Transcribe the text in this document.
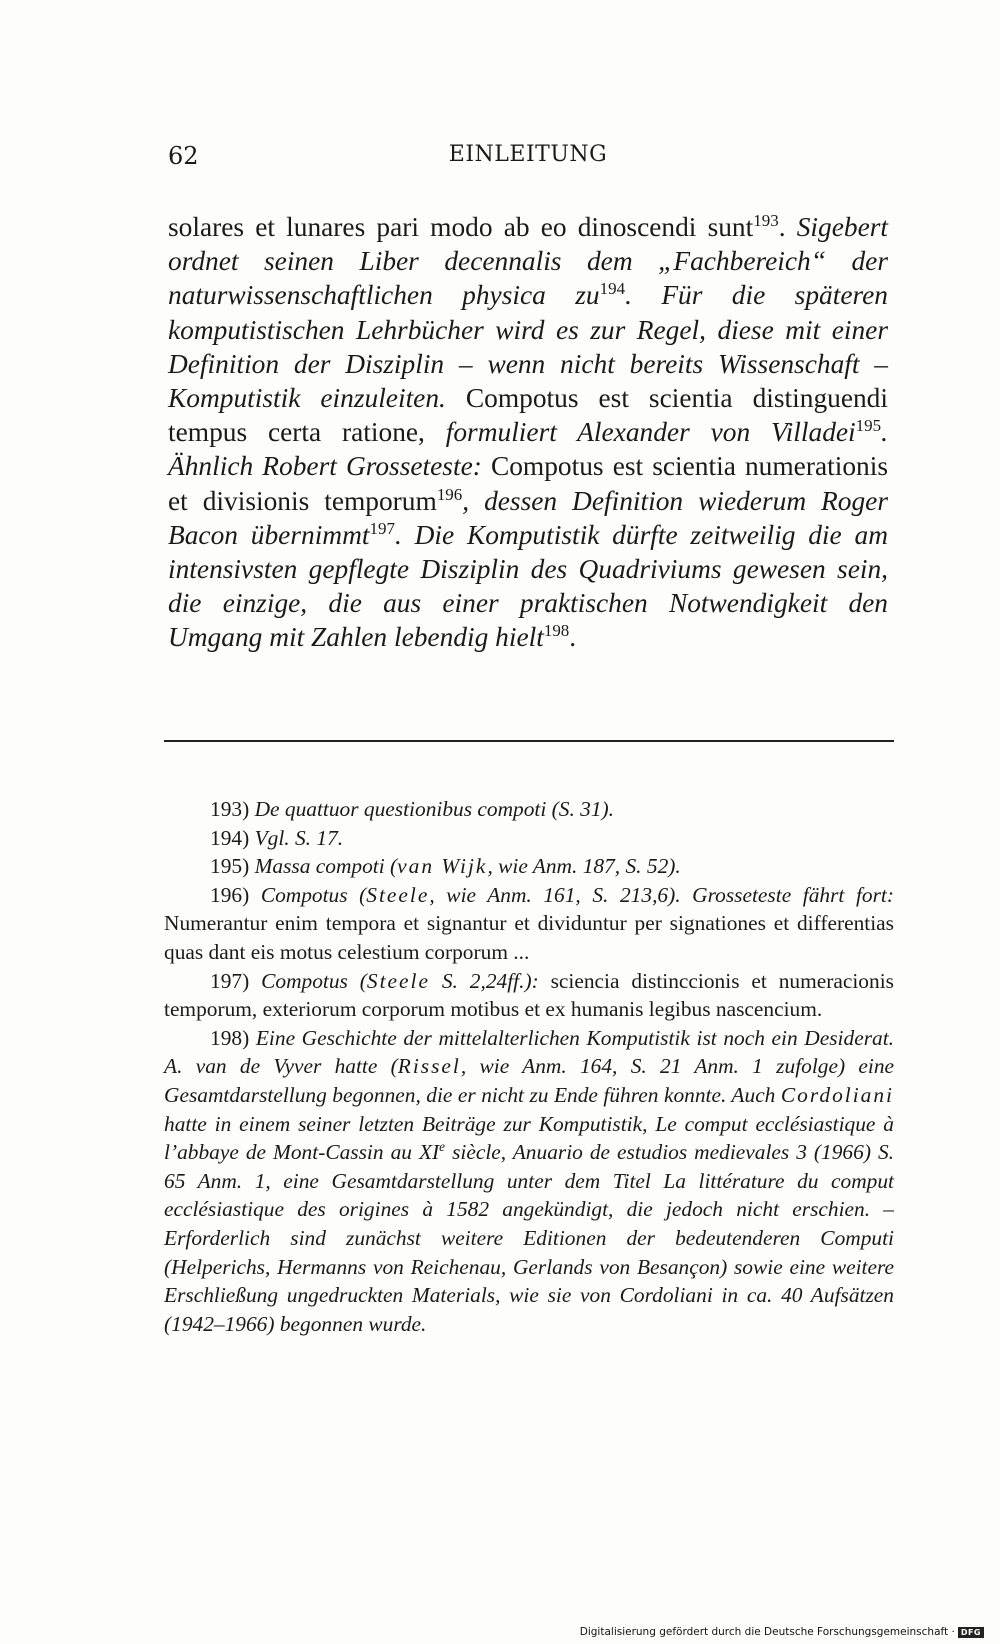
62	EINLEITUNG

solares et lunares pari modo ab eo dinoscendi sunt$^{193}$. Sigebert ordnet seinen Liber decennalis dem „Fachbereich“ der naturwissenschaftlichen physica $zu^{194}$. Für die späteren komputistischen Lehrbücher wird es zur Regel, diese mit einer Definition der Disziplin – wenn nicht bereits Wissenschaft – Komputistik einzuleiten. Compotus est scientia distinguendi tempus certa ratione, formuliert Alexander von Villadei$^{195}$. Ähnlich Robert Grosseteste: Compotus est scientia numerationis et divisionis temporum$^{196}$, dessen Definition wiederum Roger Bacon übernimmt$^{197}$. Die Komputistik dürfte zeitweilig die am intensivsten gepflegte Disziplin des Quadriviums gewesen sein, die einzige, die aus einer praktischen Notwendigkeit den Umgang mit Zahlen lebendig hielt$^{198}$.

193) De quattuor questionibus compoti (S. 31).

194) Vgl. S. 17.

195) Massa compoti (van Wijk, wie Anm. 187, S. 52).

196) Compotus (Steele, wie Anm. 161, S. 213,6). Grosseteste fährt fort: Numerantur enim tempora et signantur et dividuntur per signationes et differentias quas dant eis motus celestium corporum ...

197) Compotus (Steele S. 2,24ff.): sciencia distinccionis et numeracionis temporum, exteriorum corporum motibus et ex humanis legibus nascencium.

198) Eine Geschichte der mittelalterlichen Komputistik ist noch ein Desiderat. A. van de Vyver hatte (Rissel, wie Anm. 164, S. 21 Anm. 1 zufolge) eine Gesamtdarstellung begonnen, die er nicht zu Ende führen konnte. Auch Cordoliani hatte in einem seiner letzten Beiträge zur Komputistik, Le comput ecclésiastique à l’abbaye de Mont-Cassin au XIe siècle, Anuario de estudios medievales 3 (1966) S. 65 Anm. 1, eine Gesamtdarstellung unter dem Titel La littérature du comput ecclésiastique des origines à 1582 angekündigt, die jedoch nicht erschien. – Erforderlich sind zunächst weitere Editionen der bedeutenderen Computi (Helperichs, Hermanns von Reichenau, Gerlands von Besançon) sowie eine weitere Erschließung ungedruckten Materials, wie sie von Cordoliani in ca. 40 Aufsätzen (1942–1966) begonnen wurde.

Digitalisierung gefördert durch die Deutsche Forschungsgemeinschaft · DFG
